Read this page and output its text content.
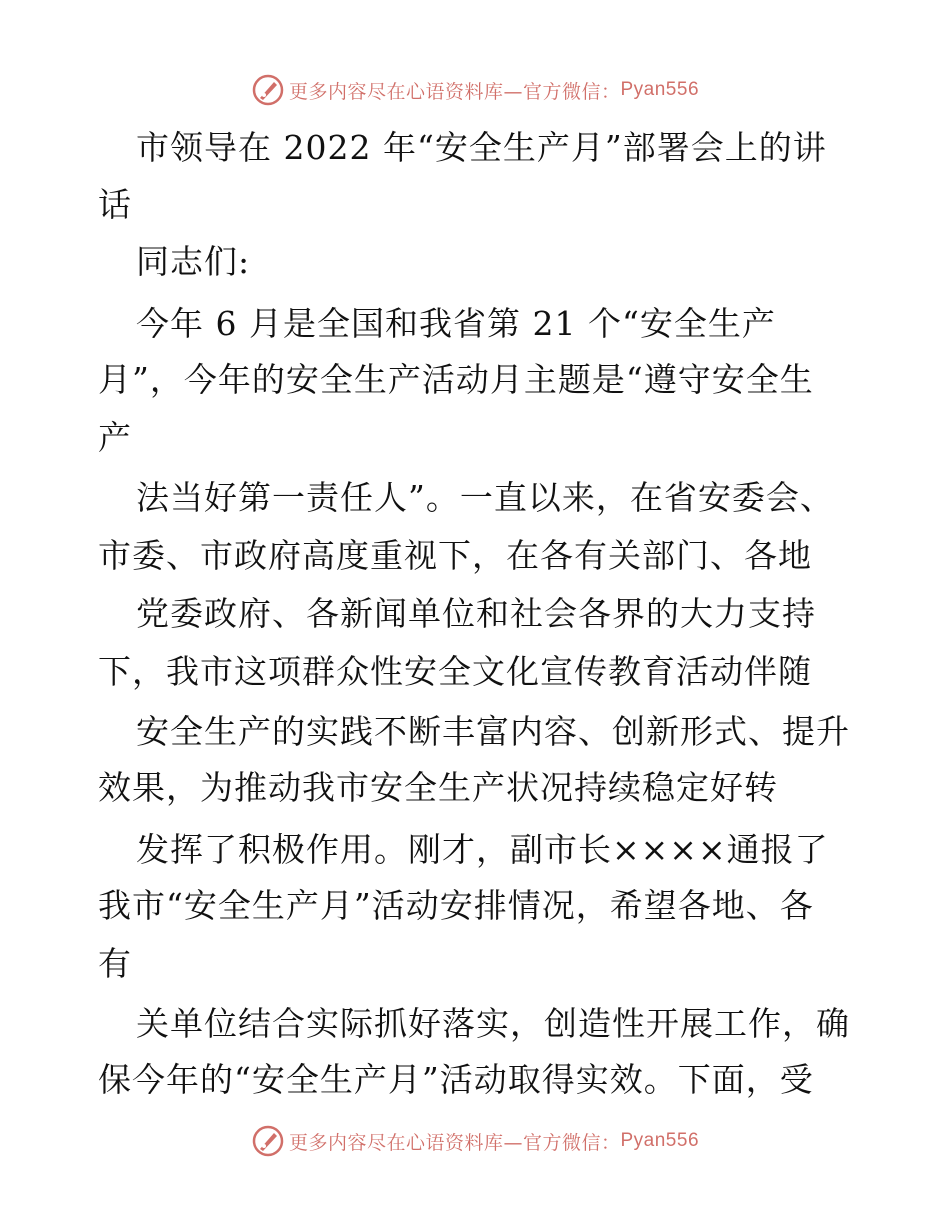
更多内容尽在心语资料库—官方微信： Pyan556
市领导在 2022 年“安全生产月”部署会上的讲
话
同志们:
今年 6 月是全国和我省第 21 个“安全生产
月”，今年的安全生产活动月主题是“遵守安全生
产
法当好第一责任人”。一直以来，在省安委会、
市委、市政府高度重视下，在各有关部门、各地
党委政府、各新闻单位和社会各界的大力支持
下，我市这项群众性安全文化宣传教育活动伴随
安全生产的实践不断丰富内容、创新形式、提升
效果，为推动我市安全生产状况持续稳定好转
发挥了积极作用。刚才，副市长××××通报了
我市“安全生产月”活动安排情况，希望各地、各
有
关单位结合实际抓好落实，创造性开展工作，确
保今年的“安全生产月”活动取得实效。下面，受
更多内容尽在心语资料库—官方微信： Pyan556
